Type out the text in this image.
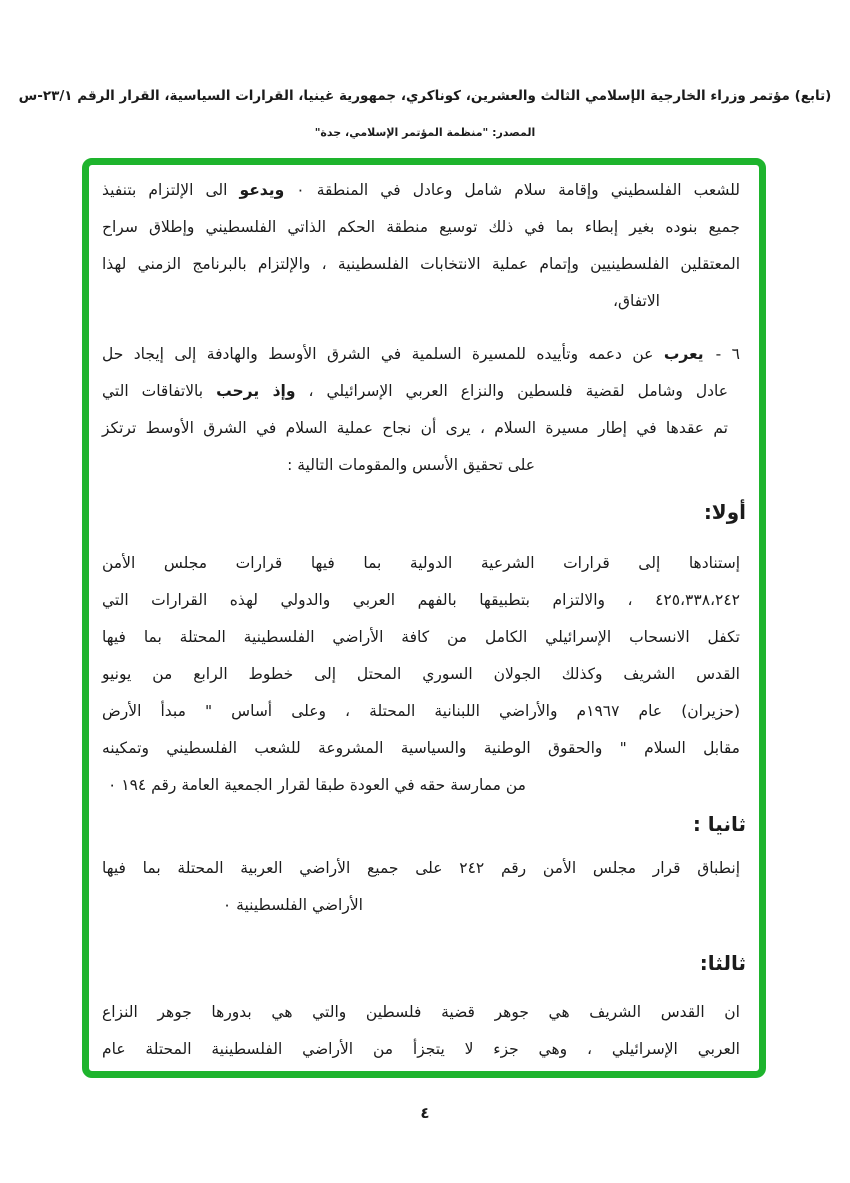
(تابع) مؤتمر وزراء الخارجية الإسلامي الثالث والعشرين، كوناكري، جمهورية غينيا، القرارات السياسية، القرار الرقم ٢٣/١-س
المصدر: "منظمة المؤتمر الإسلامي، جدة"
للشعب الفلسطيني وإقامة سلام شامل وعادل في المنطقة ٠ ويدعو الى الإلتزام بتنفيذ
جميع بنوده بغير إبطاء بما في ذلك توسيع منطقة الحكم الذاتي الفلسطيني وإطلاق سراح
المعتقلين الفلسطينيين وإتمام عملية الانتخابات الفلسطينية ، والإلتزام بالبرنامج الزمني لهذا
الاتفاق،
٦ -يعرب عن دعمه وتأييده للمسيرة السلمية في الشرق الأوسط والهادفة إلى إيجاد حل
عادل وشامل لقضية فلسطين والنزاع العربي الإسرائيلي ، وإذ يرحب بالاتفاقات التي
تم عقدها في إطار مسيرة السلام ، يرى أن نجاح عملية السلام في الشرق الأوسط ترتكز
على تحقيق الأسس والمقومات التالية :
أولا:
إستنادها إلى قرارات الشرعية الدولية بما فيها قرارات مجلس الأمن
٤٢٥،٣٣٨،٢٤٢ ، والالتزام بتطبيقها بالفهم العربي والدولي لهذه القرارات التي
تكفل الانسحاب الإسرائيلي الكامل من كافة الأراضي الفلسطينية المحتلة بما فيها
القدس الشريف وكذلك الجولان السوري المحتل إلى خطوط الرابع من يونيو
(حزيران) عام ١٩٦٧م والأراضي اللبنانية المحتلة ، وعلى أساس " مبدأ الأرض
مقابل السلام " والحقوق الوطنية والسياسية المشروعة للشعب الفلسطيني وتمكينه
من ممارسة حقه في العودة طبقا لقرار الجمعية العامة رقم ١٩٤ ٠
ثانيا :
إنطباق قرار مجلس الأمن رقم ٢٤٢ على جميع الأراضي العربية المحتلة بما فيها
الأراضي الفلسطينية ٠
ثالثا:
ان القدس الشريف هي جوهر قضية فلسطين والتي هي بدورها جوهر النزاع
العربي الإسرائيلي ، وهي جزء لا يتجزأ من الأراضي الفلسطينية المحتلة عام
٤
